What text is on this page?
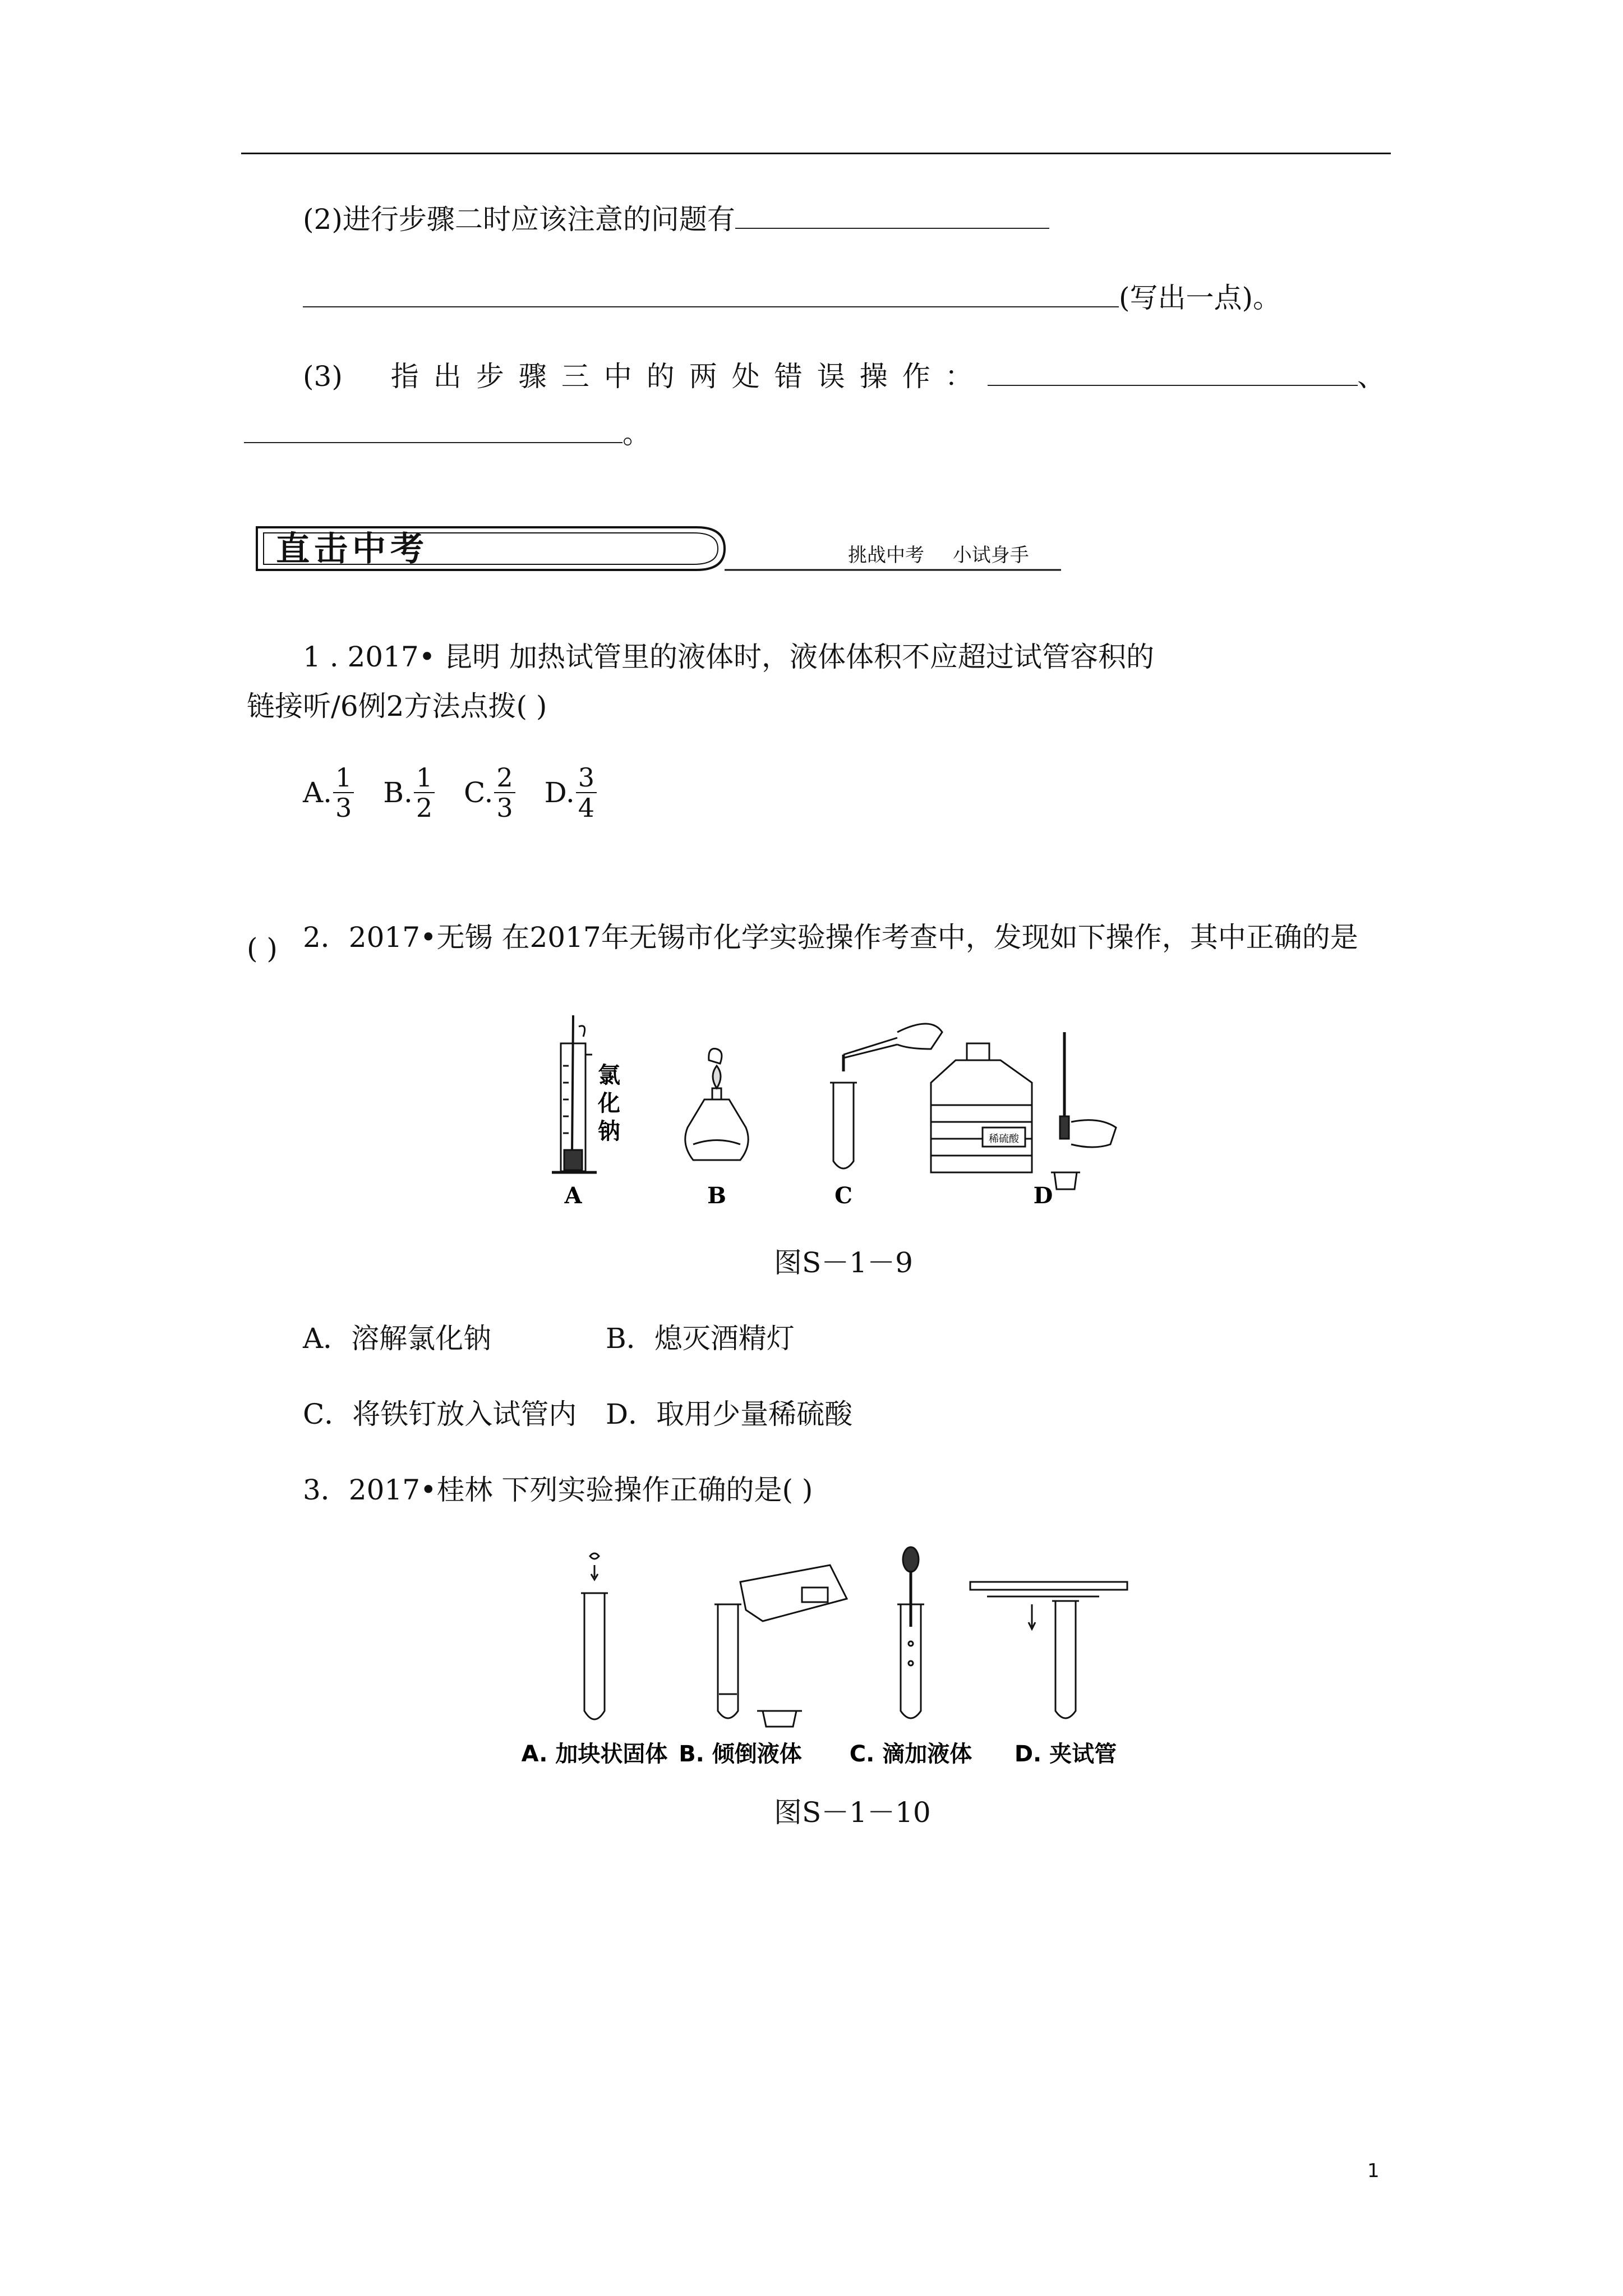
(2)进行步骤二时应该注意的问题有
(写出一点)。
(3) 指出步骤三中的两处错误操作：	、
。
直击中考	挑战中考 小试身手
1 . 2017• 昆明 加热试管里的液体时，液体体积不应超过试管容积的
链接听/6例2方法点拨( )
A. $\frac{1}{3} B$. $\frac{1}{2} C$. $\frac{2}{3} D$. $\frac{3}{4}$
2．2017•无锡 在2017年无锡市化学实验操作考查中，发现如下操作，其中正确的是
( )
氯
化
钠	稀硫酸
A	B	C	D
图S－1－9
A．溶解氯化钠	B．熄灭酒精灯
C．将铁钉放入试管内 D．取用少量稀硫酸
3．2017•桂林 下列实验操作正确的是( )
A. 加块状固体 B. 倾倒液体 C. 滴加液体 D. 夹试管
图S－1－10
1
